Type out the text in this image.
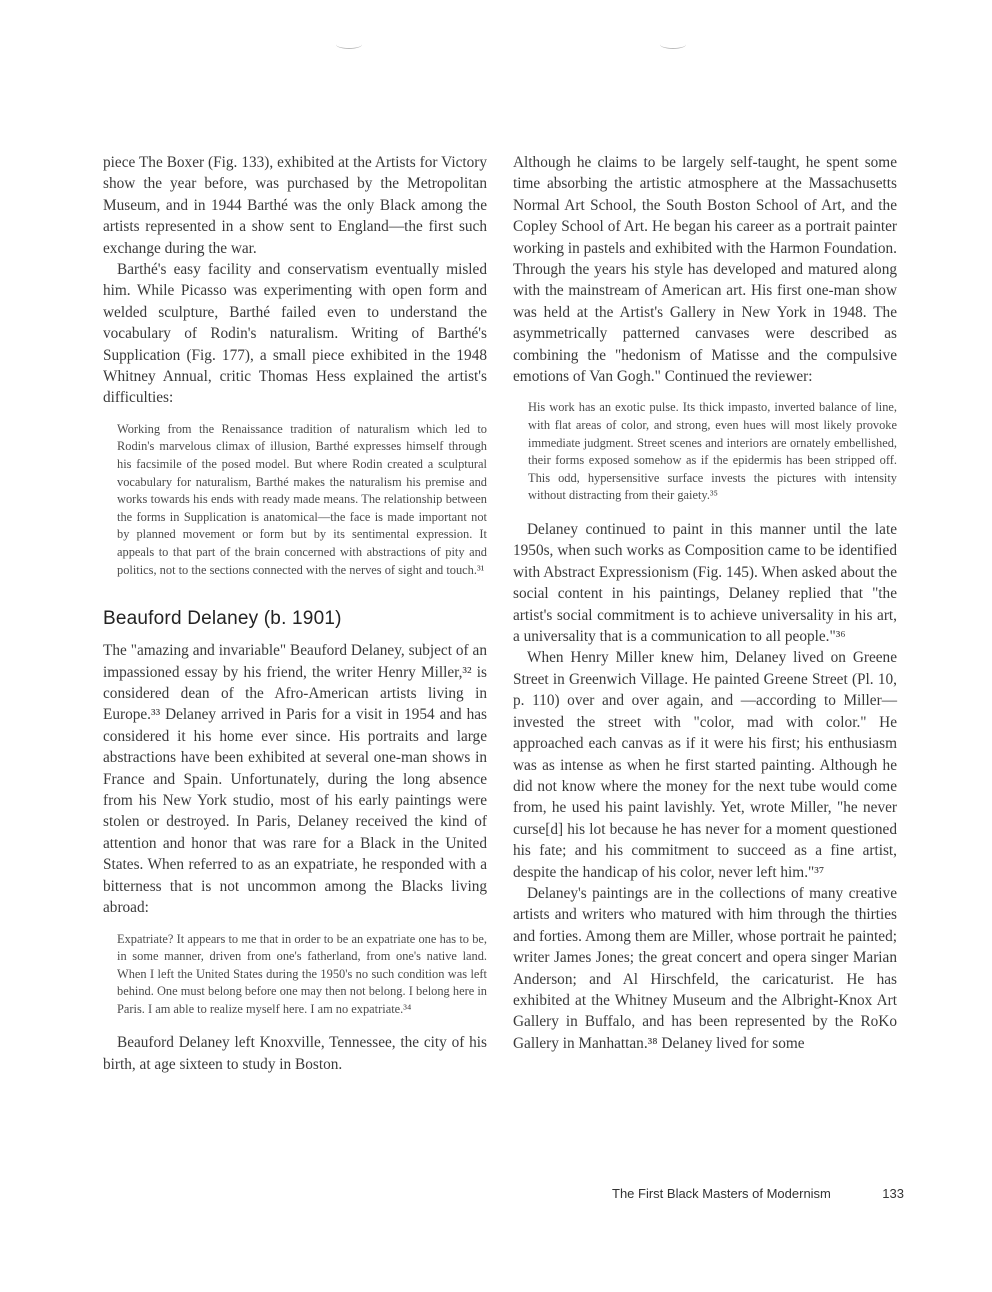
piece The Boxer (Fig. 133), exhibited at the Artists for Victory show the year before, was purchased by the Metropolitan Museum, and in 1944 Barthé was the only Black among the artists represented in a show sent to England—the first such exchange during the war.

Barthé's easy facility and conservatism eventually misled him. While Picasso was experimenting with open form and welded sculpture, Barthé failed even to understand the vocabulary of Rodin's naturalism. Writing of Barthé's Supplication (Fig. 177), a small piece exhibited in the 1948 Whitney Annual, critic Thomas Hess explained the artist's difficulties:

Working from the Renaissance tradition of naturalism which led to Rodin's marvelous climax of illusion, Barthé expresses himself through his facsimile of the posed model. But where Rodin created a sculptural vocabulary for naturalism, Barthé makes the naturalism his premise and works towards his ends with ready made means. The relationship between the forms in Supplication is anatomical—the face is made important not by planned movement or form but by its sentimental expression. It appeals to that part of the brain concerned with abstractions of pity and politics, not to the sections connected with the nerves of sight and touch.³¹
Beauford Delaney (b. 1901)

The "amazing and invariable" Beauford Delaney, subject of an impassioned essay by his friend, the writer Henry Miller,³² is considered dean of the Afro-American artists living in Europe.³³ Delaney arrived in Paris for a visit in 1954 and has considered it his home ever since. His portraits and large abstractions have been exhibited at several one-man shows in France and Spain. Unfortunately, during the long absence from his New York studio, most of his early paintings were stolen or destroyed. In Paris, Delaney received the kind of attention and honor that was rare for a Black in the United States. When referred to as an expatriate, he responded with a bitterness that is not uncommon among the Blacks living abroad:

Expatriate? It appears to me that in order to be an expatriate one has to be, in some manner, driven from one's fatherland, from one's native land. When I left the United States during the 1950's no such condition was left behind. One must belong before one may then not belong. I belong here in Paris. I am able to realize myself here. I am no expatriate.³⁴

Beauford Delaney left Knoxville, Tennessee, the city of his birth, at age sixteen to study in Boston.

Although he claims to be largely self-taught, he spent some time absorbing the artistic atmosphere at the Massachusetts Normal Art School, the South Boston School of Art, and the Copley School of Art. He began his career as a portrait painter working in pastels and exhibited with the Harmon Foundation. Through the years his style has developed and matured along with the mainstream of American art. His first one-man show was held at the Artist's Gallery in New York in 1948. The asymmetrically patterned canvases were described as combining the "hedonism of Matisse and the compulsive emotions of Van Gogh." Continued the reviewer:

His work has an exotic pulse. Its thick impasto, inverted balance of line, with flat areas of color, and strong, even hues will most likely provoke immediate judgment. Street scenes and interiors are ornately embellished, their forms exposed somehow as if the epidermis has been stripped off. This odd, hypersensitive surface invests the pictures with intensity without distracting from their gaiety.³⁵

Delaney continued to paint in this manner until the late 1950s, when such works as Composition came to be identified with Abstract Expressionism (Fig. 145). When asked about the social content in his paintings, Delaney replied that "the artist's social commitment is to achieve universality in his art, a universality that is a communication to all people."³⁶

When Henry Miller knew him, Delaney lived on Greene Street in Greenwich Village. He painted Greene Street (Pl. 10, p. 110) over and over again, and —according to Miller—invested the street with "color, mad with color." He approached each canvas as if it were his first; his enthusiasm was as intense as when he first started painting. Although he did not know where the money for the next tube would come from, he used his paint lavishly. Yet, wrote Miller, "he never curse[d] his lot because he has never for a moment questioned his fate; and his commitment to succeed as a fine artist, despite the handicap of his color, never left him."³⁷

Delaney's paintings are in the collections of many creative artists and writers who matured with him through the thirties and forties. Among them are Miller, whose portrait he painted; writer James Jones; the great concert and opera singer Marian Anderson; and Al Hirschfeld, the caricaturist. He has exhibited at the Whitney Museum and the Albright-Knox Art Gallery in Buffalo, and has been represented by the RoKo Gallery in Manhattan.³⁸ Delaney lived for some

The First Black Masters of Modernism	133
